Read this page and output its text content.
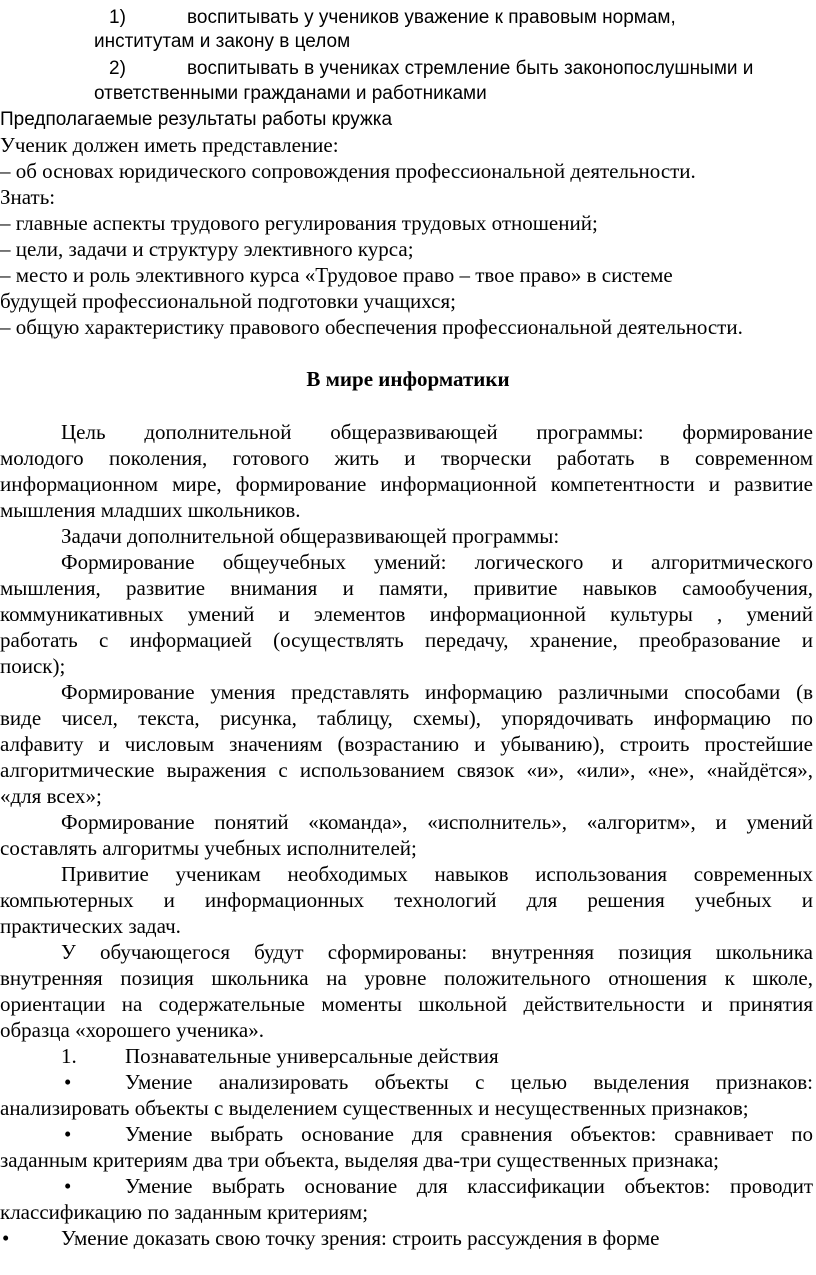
1)	воспитывать у учеников уважение к правовым нормам,
институтам и закону в целом
2)	воспитывать в учениках стремление быть законопослушными и
ответственными гражданами и работниками
Предполагаемые результаты работы кружка
Ученик должен иметь представление:
– об основах юридического сопровождения профессиональной деятельности.
Знать:
– главные аспекты трудового регулирования трудовых отношений;
– цели, задачи и структуру элективного курса;
– место и роль элективного курса «Трудовое право – твое право» в системе
будущей профессиональной подготовки учащихся;
– общую характеристику правового обеспечения профессиональной деятельности.
В мире информатики
Цель дополнительной общеразвивающей программы: формирование
молодого поколения, готового жить и творчески работать в современном
информационном мире, формирование информационной компетентности и развитие
мышления младших школьников.
Задачи дополнительной общеразвивающей программы:
Формирование общеучебных умений: логического и алгоритмического
мышления, развитие внимания и памяти, привитие навыков самообучения,
коммуникативных умений и элементов информационной культуры , умений
работать с информацией (осуществлять передачу, хранение, преобразование и
поиск);
Формирование умения представлять информацию различными способами (в
виде чисел, текста, рисунка, таблицу, схемы), упорядочивать информацию по
алфавиту и числовым значениям (возрастанию и убыванию), строить простейшие
алгоритмические выражения с использованием связок «и», «или», «не», «найдётся»,
«для всех»;
Формирование понятий «команда», «исполнитель», «алгоритм», и умений
составлять алгоритмы учебных исполнителей;
Привитие ученикам необходимых навыков использования современных
компьютерных и информационных технологий для решения учебных и
практических задач.
У обучающегося будут сформированы: внутренняя позиция школьника
внутренняя позиция школьника на уровне положительного отношения к школе,
ориентации на содержательные моменты школьной действительности и принятия
образца «хорошего ученика».
1. Познавательные универсальные действия
•	Умение анализировать объекты с целью выделения признаков:
анализировать объекты с выделением существенных и несущественных признаков;
•	Умение выбрать основание для сравнения объектов: сравнивает по
заданным критериям два три объекта, выделяя два-три существенных признака;
•	Умение выбрать основание для классификации объектов: проводит
классификацию по заданным критериям;
• Умение доказать свою точку зрения: строить рассуждения в форме
